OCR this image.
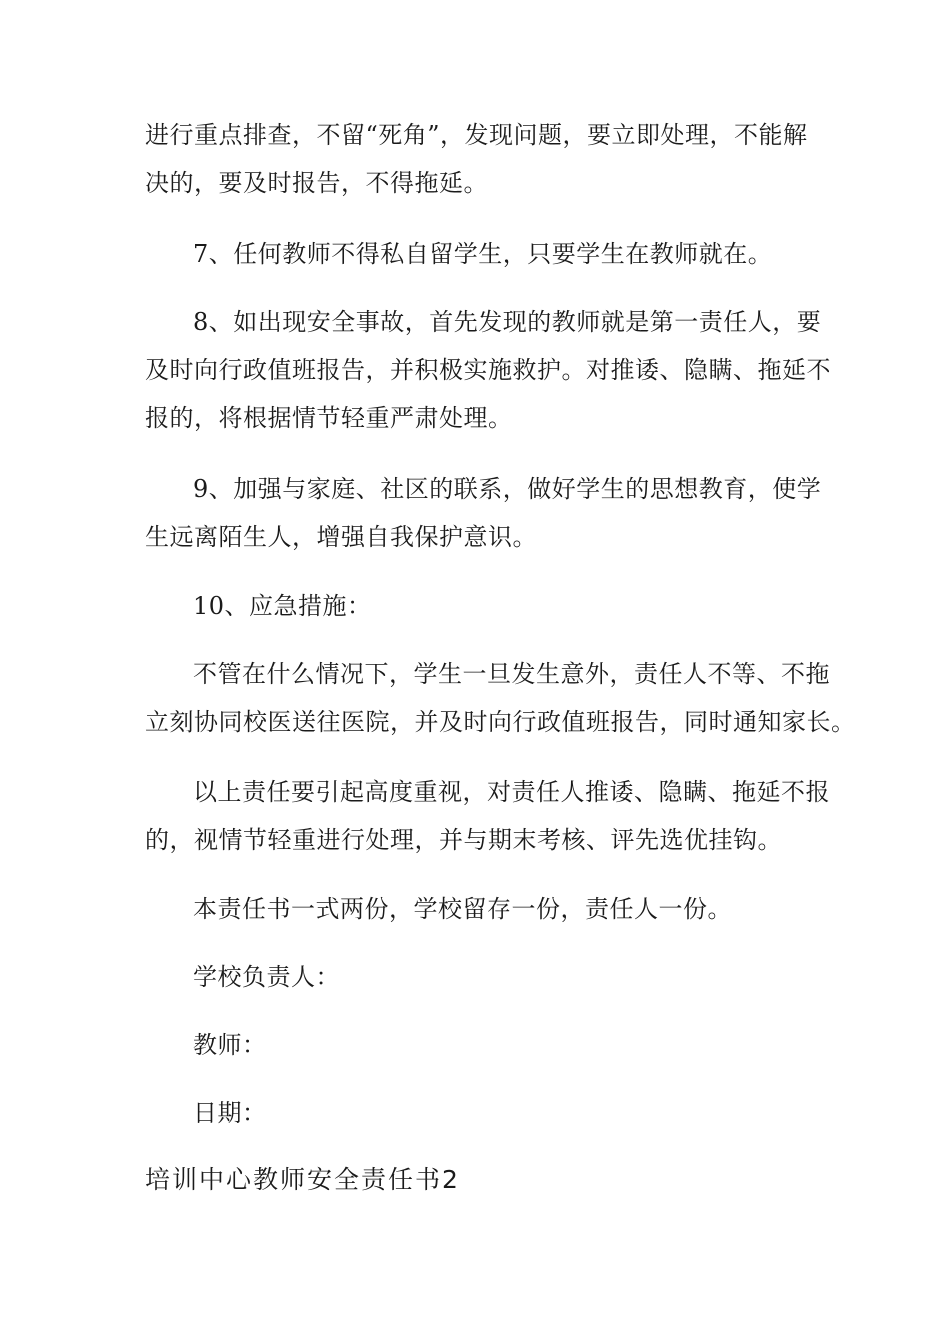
进行重点排查，不留“死角”，发现问题，要立即处理，不能解
决的，要及时报告，不得拖延。
7、任何教师不得私自留学生，只要学生在教师就在。
8、如出现安全事故，首先发现的教师就是第一责任人，要
及时向行政值班报告，并积极实施救护。对推诿、隐瞒、拖延不
报的，将根据情节轻重严肃处理。
9、加强与家庭、社区的联系，做好学生的思想教育，使学
生远离陌生人，增强自我保护意识。
10、应急措施：
不管在什么情况下，学生一旦发生意外，责任人不等、不拖
立刻协同校医送往医院，并及时向行政值班报告，同时通知家长。
以上责任要引起高度重视，对责任人推诿、隐瞒、拖延不报
的，视情节轻重进行处理，并与期末考核、评先选优挂钩。
本责任书一式两份，学校留存一份，责任人一份。
学校负责人：
教师：
日期：
培训中心教师安全责任书2
